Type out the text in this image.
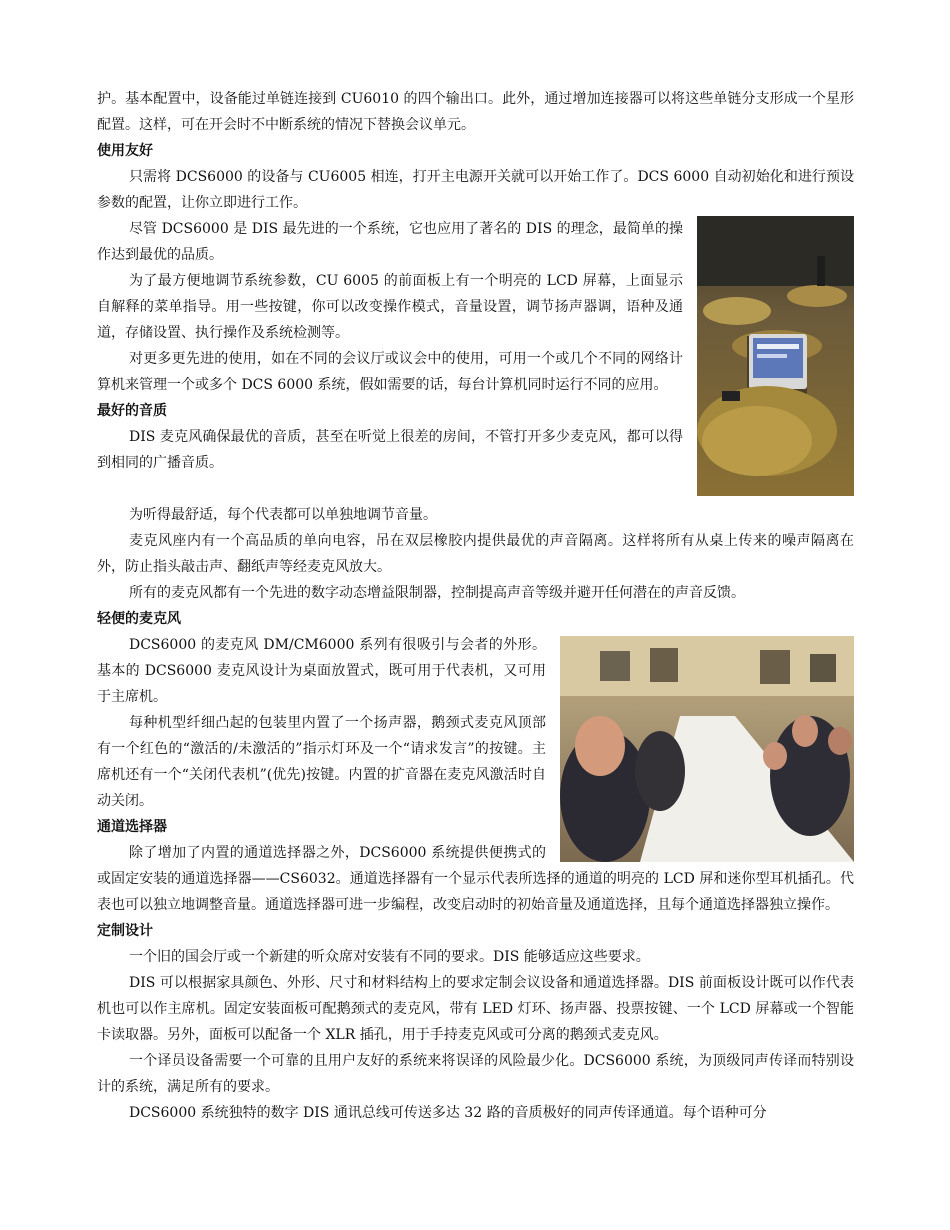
护。基本配置中，设备能过单链连接到 CU6010 的四个输出口。此外，通过增加连接器可以将这些单链分支形成一个星形配置。这样，可在开会时不中断系统的情况下替换会议单元。

使用友好

只需将 DCS6000 的设备与 CU6005 相连，打开主电源开关就可以开始工作了。DCS 6000 自动初始化和进行预设参数的配置，让你立即进行工作。

尽管 DCS6000 是 DIS 最先进的一个系统，它也应用了著名的 DIS 的理念，最简单的操作达到最优的品质。

为了最方便地调节系统参数，CU 6005 的前面板上有一个明亮的 LCD 屏幕，上面显示自解释的菜单指导。用一些按键，你可以改变操作模式，音量设置，调节扬声器调，语种及通道，存储设置、执行操作及系统检测等。

对更多更先进的使用，如在不同的会议厅或议会中的使用，可用一个或几个不同的网络计算机来管理一个或多个 DCS 6000 系统，假如需要的话，每台计算机同时运行不同的应用。

最好的音质

DIS 麦克风确保最优的音质，甚至在听觉上很差的房间，不管打开多少麦克风，都可以得到相同的广播音质。

为听得最舒适，每个代表都可以单独地调节音量。

麦克风座内有一个高品质的单向电容，吊在双层橡胶内提供最优的声音隔离。这样将所有从桌上传来的噪声隔离在外，防止指头敲击声、翻纸声等经麦克风放大。

所有的麦克风都有一个先进的数字动态增益限制器，控制提高声音等级并避开任何潜在的声音反馈。

轻便的麦克风

DCS6000 的麦克风 DM/CM6000 系列有很吸引与会者的外形。基本的 DCS6000 麦克风设计为桌面放置式，既可用于代表机，又可用于主席机。

每种机型纤细凸起的包装里内置了一个扬声器，鹅颈式麦克风顶部有一个红色的“激活的/未激活的”指示灯环及一个“请求发言”的按键。主席机还有一个“关闭代表机”(优先)按键。内置的扩音器在麦克风激活时自动关闭。

通道选择器

除了增加了内置的通道选择器之外，DCS6000 系统提供便携式的或固定安装的通道选择器——CS6032。通道选择器有一个显示代表所选择的通道的明亮的 LCD 屏和迷你型耳机插孔。代表也可以独立地调整音量。通道选择器可进一步编程，改变启动时的初始音量及通道选择，且每个通道选择器独立操作。

定制设计

一个旧的国会厅或一个新建的听众席对安装有不同的要求。DIS 能够适应这些要求。

DIS 可以根据家具颜色、外形、尺寸和材料结构上的要求定制会议设备和通道选择器。DIS 前面板设计既可以作代表机也可以作主席机。固定安装面板可配鹅颈式的麦克风，带有 LED 灯环、扬声器、投票按键、一个 LCD 屏幕或一个智能卡读取器。另外，面板可以配备一个 XLR 插孔，用于手持麦克风或可分离的鹅颈式麦克风。

一个译员设备需要一个可靠的且用户友好的系统来将误译的风险最少化。DCS6000 系统，为顶级同声传译而特别设计的系统，满足所有的要求。

DCS6000 系统独特的数字 DIS 通讯总线可传送多达 32 路的音质极好的同声传译通道。每个语种可分
